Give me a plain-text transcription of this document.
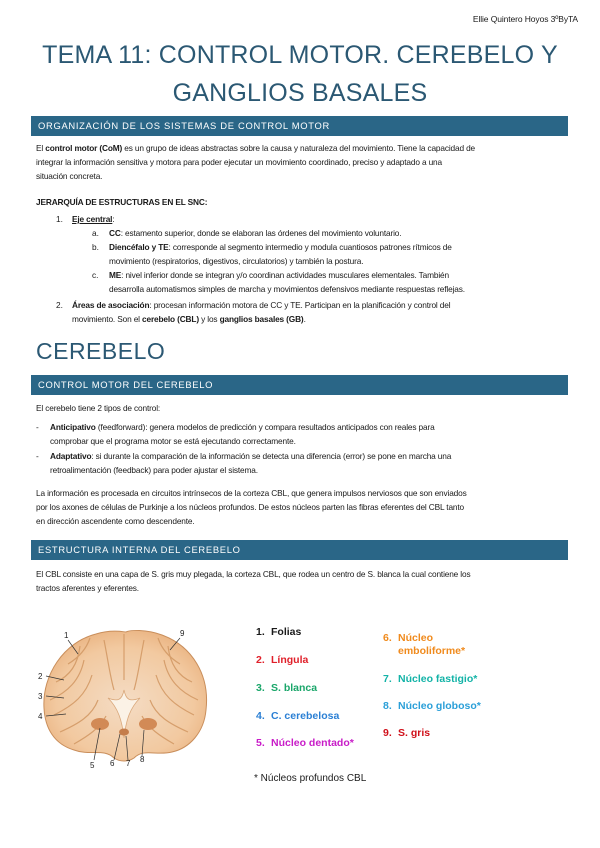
Ellie Quintero Hoyos 3ºByTA
TEMA 11: CONTROL MOTOR. CEREBELO Y
GANGLIOS BASALES
ORGANIZACIÓN DE LOS SISTEMAS DE CONTROL MOTOR
El control motor (CoM) es un grupo de ideas abstractas sobre la causa y naturaleza del movimiento. Tiene la capacidad de
integrar la información sensitiva y motora para poder ejecutar un movimiento coordinado, preciso y adaptado a una
situación concreta.
JERARQUÍA DE ESTRUCTURAS EN EL SNC:
1. Eje central:
a. CC: estamento superior, donde se elaboran las órdenes del movimiento voluntario.
b. Diencéfalo y TE: corresponde al segmento intermedio y modula cuantiosos patrones rítmicos de
movimiento (respiratorios, digestivos, circulatorios) y también la postura.
c. ME: nivel inferior donde se integran y/o coordinan actividades musculares elementales. También
desarrolla automatismos simples de marcha y movimientos defensivos mediante respuestas reflejas.
2. Áreas de asociación: procesan información motora de CC y TE. Participan en la planificación y control del
movimiento. Son el cerebelo (CBL) y los ganglios basales (GB).
CEREBELO
CONTROL MOTOR DEL CEREBELO
El cerebelo tiene 2 tipos de control:
- Anticipativo (feedforward): genera modelos de predicción y compara resultados anticipados con reales para
comprobar que el programa motor se está ejecutando correctamente.
- Adaptativo: si durante la comparación de la información se detecta una diferencia (error) se pone en marcha una
retroalimentación (feedback) para poder ajustar el sistema.
La información es procesada en circuitos intrínsecos de la corteza CBL, que genera impulsos nerviosos que son enviados
por los axones de células de Purkinje a los núcleos profundos. De estos núcleos parten las fibras eferentes del CBL tanto
en dirección ascendente como descendente.
ESTRUCTURA INTERNA DEL CEREBELO
El CBL consiste en una capa de S. gris muy plegada, la corteza CBL, que rodea un centro de S. blanca la cual contiene los
tractos aferentes y eferentes.
1	9
2
3
4
5 6 7 8
1. Folias
2. Língula
3. S. blanca
4. C. cerebelosa
5. Núcleo dentado*
6. Núcleo
emboliforme*
7. Núcleo fastigio*
8. Núcleo globoso*
9. S. gris
* Núcleos profundos CBL
